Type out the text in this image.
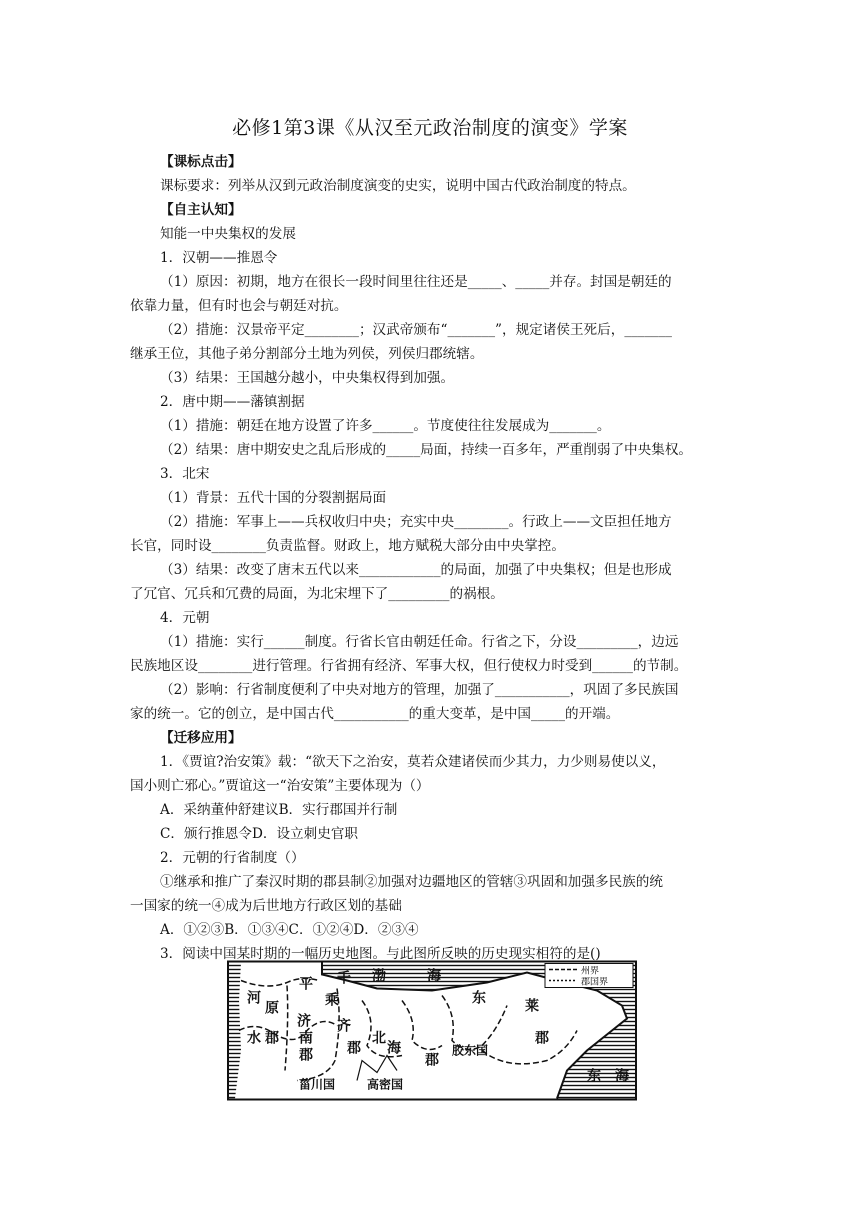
必修1第3课《从汉至元政治制度的演变》学案
【课标点击】
课标要求：列举从汉到元政治制度演变的史实，说明中国古代政治制度的特点。
【自主认知】
知能一中央集权的发展
1．汉朝——推恩令
（1）原因：初期，地方在很长一段时间里往往还是_____、_____并存。封国是朝廷的
依靠力量，但有时也会与朝廷对抗。
（2）措施：汉景帝平定________；汉武帝颁布“_______”，规定诸侯王死后，_______
继承王位，其他子弟分割部分土地为列侯，列侯归郡统辖。
（3）结果：王国越分越小，中央集权得到加强。
2．唐中期——藩镇割据
（1）措施：朝廷在地方设置了许多______。节度使往往发展成为_______。
（2）结果：唐中期安史之乱后形成的_____局面，持续一百多年，严重削弱了中央集权。
3．北宋
（1）背景：五代十国的分裂割据局面
（2）措施：军事上——兵权收归中央；充实中央________。行政上——文臣担任地方
长官，同时设________负责监督。财政上，地方赋税大部分由中央掌控。
（3）结果：改变了唐末五代以来____________的局面，加强了中央集权；但是也形成
了冗官、冗兵和冗费的局面，为北宋埋下了_________的祸根。
4．元朝
（1）措施：实行______制度。行省长官由朝廷任命。行省之下，分设_________，边远
民族地区设________进行管理。行省拥有经济、军事大权，但行使权力时受到______的节制。
（2）影响：行省制度便利了中央对地方的管理，加强了___________，巩固了多民族国
家的统一。它的创立，是中国古代___________的重大变革，是中国_____的开端。
【迁移应用】
1．《贾谊?治安策》载：“欲天下之治安，莫若众建诸侯而少其力，力少则易使以义，
国小则亡邪心。”贾谊这一“治安策”主要体现为（）
A．采纳董仲舒建议B．实行郡国并行制
C．颁行推恩令D．设立刺史官职
2．元朝的行省制度（）
①继承和推广了秦汉时期的郡县制②加强对边疆地区的管辖③巩固和加强多民族的统
一国家的统一④成为后世地方行政区划的基础
A．①②③B．①③④C．①②④D．②③④
3．阅读中国某时期的一幅历史地图。与此图所反映的历史现实相符的是()
州界
郡国界
河
原
平
乘
千 渤	海
东	莱
水 郡
济
南
郡
齐
郡
北
海
郡
胶东国
郡
菑川国	高密国	东 海
